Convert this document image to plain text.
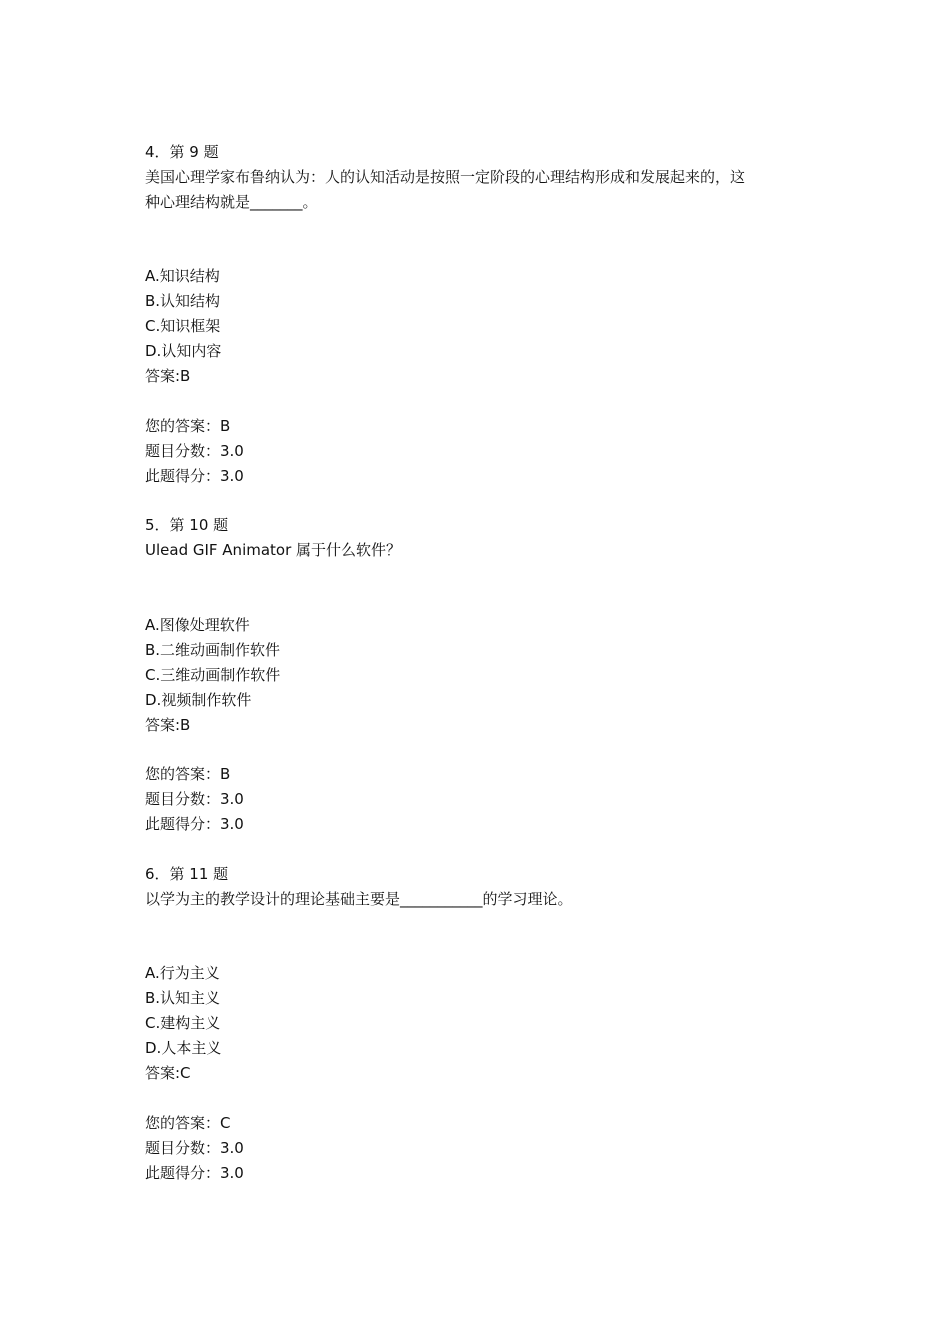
4．第 9 题
美国心理学家布鲁纳认为：人的认知活动是按照一定阶段的心理结构形成和发展起来的，这
种心理结构就是_______。
A.知识结构
B.认知结构
C.知识框架
D.认知内容
答案:B
您的答案：B
题目分数：3.0
此题得分：3.0
5．第 10 题
Ulead GIF Animator 属于什么软件？
A.图像处理软件
B.二维动画制作软件
C.三维动画制作软件
D.视频制作软件
答案:B
您的答案：B
题目分数：3.0
此题得分：3.0
6．第 11 题
以学为主的教学设计的理论基础主要是___________的学习理论。
A.行为主义
B.认知主义
C.建构主义
D.人本主义
答案:C
您的答案：C
题目分数：3.0
此题得分：3.0
